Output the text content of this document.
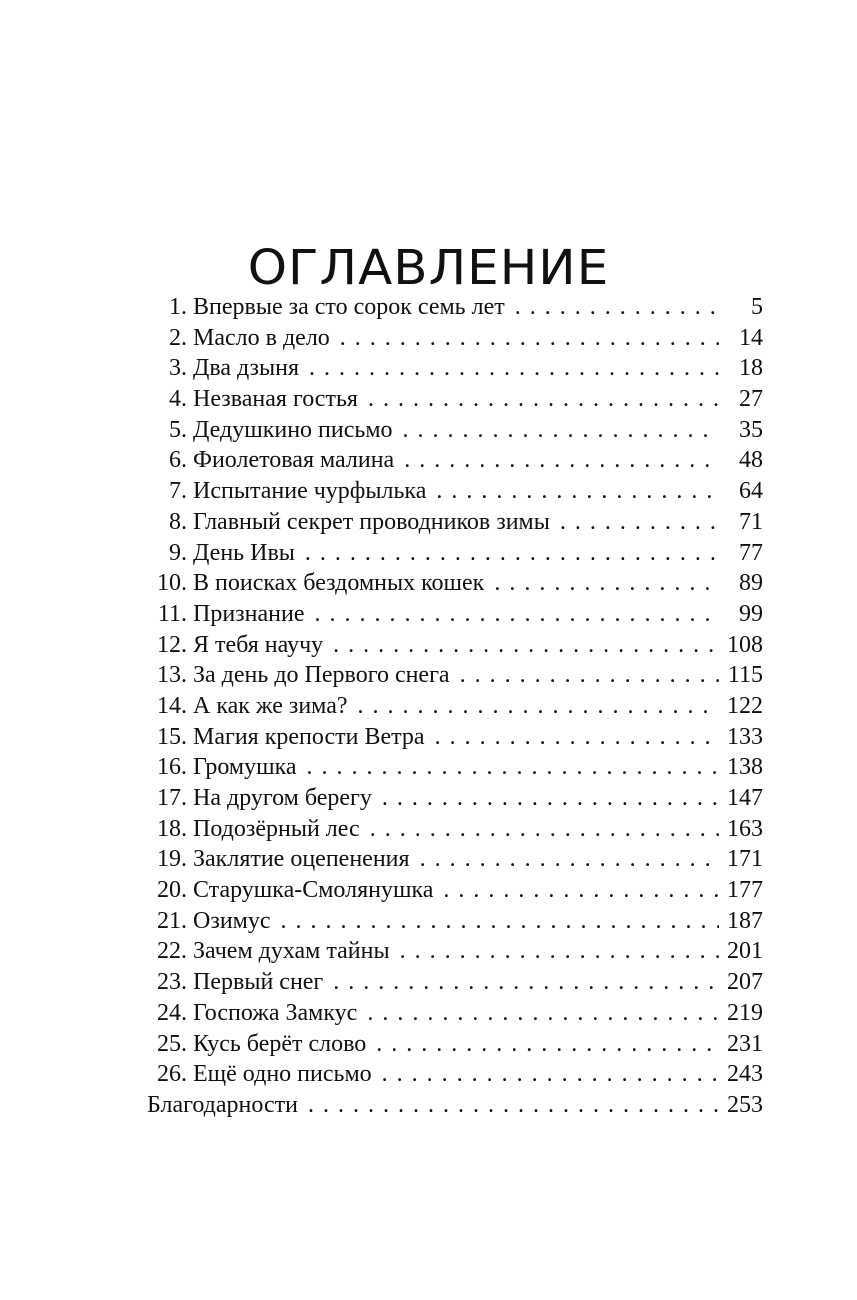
ОГЛАВЛЕНИЕ
1. Впервые за сто сорок семь лет . . .	5
2. Масло в дело . . .	14
3. Два дзыня . . .	18
4. Незваная гостья . . .	27
5. Дедушкино письмо . . .	35
6. Фиолетовая малина . . .	48
7. Испытание чурфылька . . .	64
8. Главный секрет проводников зимы . . .	71
9. День Ивы . . .	77
10. В поисках бездомных кошек . . .	89
11. Признание . . .	99
12. Я тебя научу . . .	108
13. За день до Первого снега . . .	115
14. А как же зима? . . .	122
15. Магия крепости Ветра . . .	133
16. Громушка . . .	138
17. На другом берегу . . .	147
18. Подозёрный лес . . .	163
19. Заклятие оцепенения . . .	171
20. Старушка-Смолянушка . . .	177
21. Озимус . . .	187
22. Зачем духам тайны . . .	201
23. Первый снег . . .	207
24. Госпожа Замкус . . .	219
25. Кусь берёт слово . . .	231
26. Ещё одно письмо . . .	243
Благодарности . . .	253
